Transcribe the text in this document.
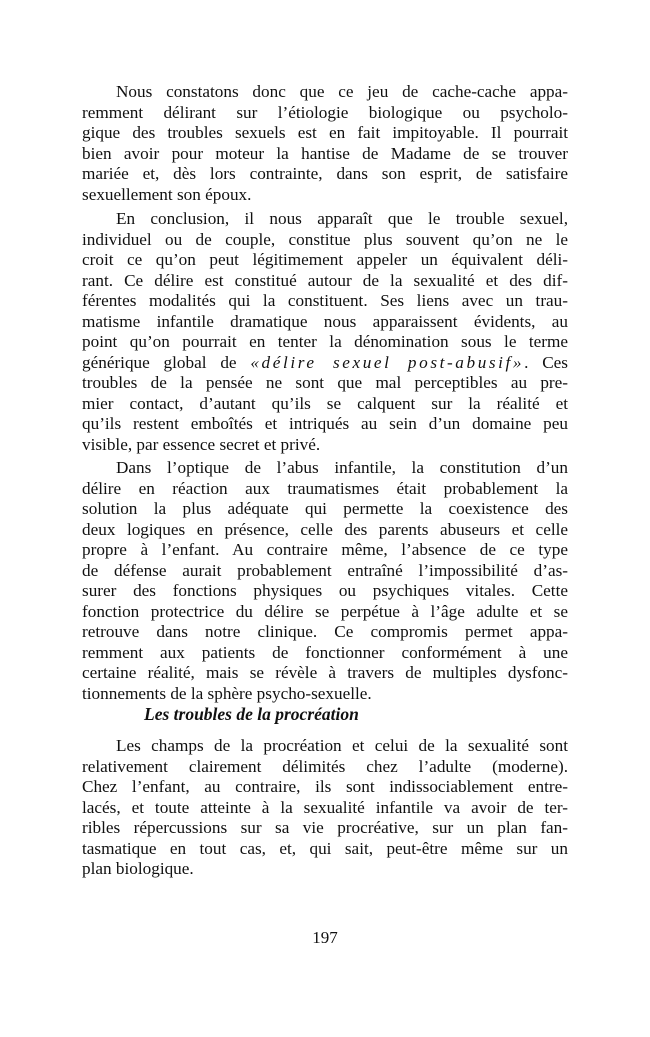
Nous constatons donc que ce jeu de cache-cache appa-
remment délirant sur l’étiologie biologique ou psycholo-
gique des troubles sexuels est en fait impitoyable. Il pourrait
bien avoir pour moteur la hantise de Madame de se trouver
mariée et, dès lors contrainte, dans son esprit, de satisfaire
sexuellement son époux.
En conclusion, il nous apparaît que le trouble sexuel,
individuel ou de couple, constitue plus souvent qu’on ne le
croit ce qu’on peut légitimement appeler un équivalent déli-
rant. Ce délire est constitué autour de la sexualité et des dif-
férentes modalités qui la constituent. Ses liens avec un trau-
matisme infantile dramatique nous apparaissent évidents, au
point qu’on pourrait en tenter la dénomination sous le terme
générique global de «délire sexuel post-abusif». Ces
troubles de la pensée ne sont que mal perceptibles au pre-
mier contact, d’autant qu’ils se calquent sur la réalité et
qu’ils restent emboîtés et intriqués au sein d’un domaine peu
visible, par essence secret et privé.
Dans l’optique de l’abus infantile, la constitution d’un
délire en réaction aux traumatismes était probablement la
solution la plus adéquate qui permette la coexistence des
deux logiques en présence, celle des parents abuseurs et celle
propre à l’enfant. Au contraire même, l’absence de ce type
de défense aurait probablement entraîné l’impossibilité d’as-
surer des fonctions physiques ou psychiques vitales. Cette
fonction protectrice du délire se perpétue à l’âge adulte et se
retrouve dans notre clinique. Ce compromis permet appa-
remment aux patients de fonctionner conformément à une
certaine réalité, mais se révèle à travers de multiples dysfonc-
tionnements de la sphère psycho-sexuelle.
Les troubles de la procréation
Les champs de la procréation et celui de la sexualité sont
relativement clairement délimités chez l’adulte (moderne).
Chez l’enfant, au contraire, ils sont indissociablement entre-
lacés, et toute atteinte à la sexualité infantile va avoir de ter-
ribles répercussions sur sa vie procréative, sur un plan fan-
tasmatique en tout cas, et, qui sait, peut-être même sur un
plan biologique.
197
